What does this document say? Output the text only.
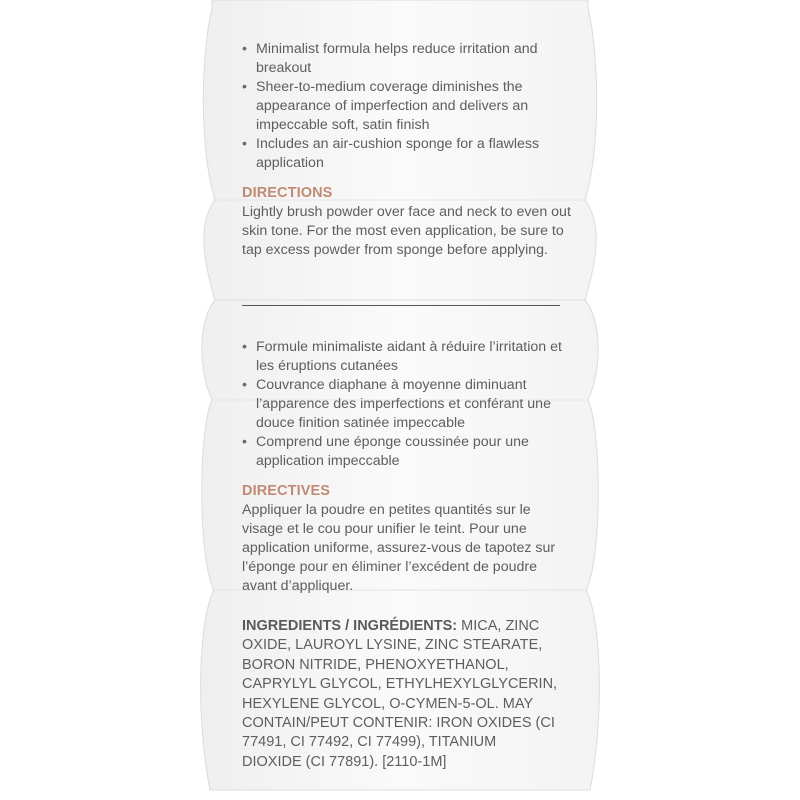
• Minimalist formula helps reduce irritation and breakout
• Sheer-to-medium coverage diminishes the appearance of imperfection and delivers an impeccable soft, satin finish
• Includes an air-cushion sponge for a flawless application
DIRECTIONS

Lightly brush powder over face and neck to even out skin tone. For the most even application, be sure to tap excess powder from sponge before applying.

• Formule minimaliste aidant à réduire l’irritation et les éruptions cutanées
• Couvrance diaphane à moyenne diminuant l’apparence des imperfections et conférant une douce finition satinée impeccable
• Comprend une éponge coussinée pour une application impeccable
DIRECTIVES

Appliquer la poudre en petites quantités sur le visage et le cou pour unifier le teint. Pour une application uniforme, assurez-vous de tapotez sur l’éponge pour en éliminer l’excédent de poudre avant d’appliquer.

INGREDIENTS / INGRÉDIENTS: MICA, ZINC OXIDE, LAUROYL LYSINE, ZINC STEARATE, BORON NITRIDE, PHENOXYETHANOL, CAPRYLYL GLYCOL, ETHYLHEXYLGLYCERIN, HEXYLENE GLYCOL, O-CYMEN-5-OL. MAY CONTAIN/PEUT CONTENIR: IRON OXIDES (CI 77491, CI 77492, CI 77499), TITANIUM DIOXIDE (CI 77891). [2110-1M]
